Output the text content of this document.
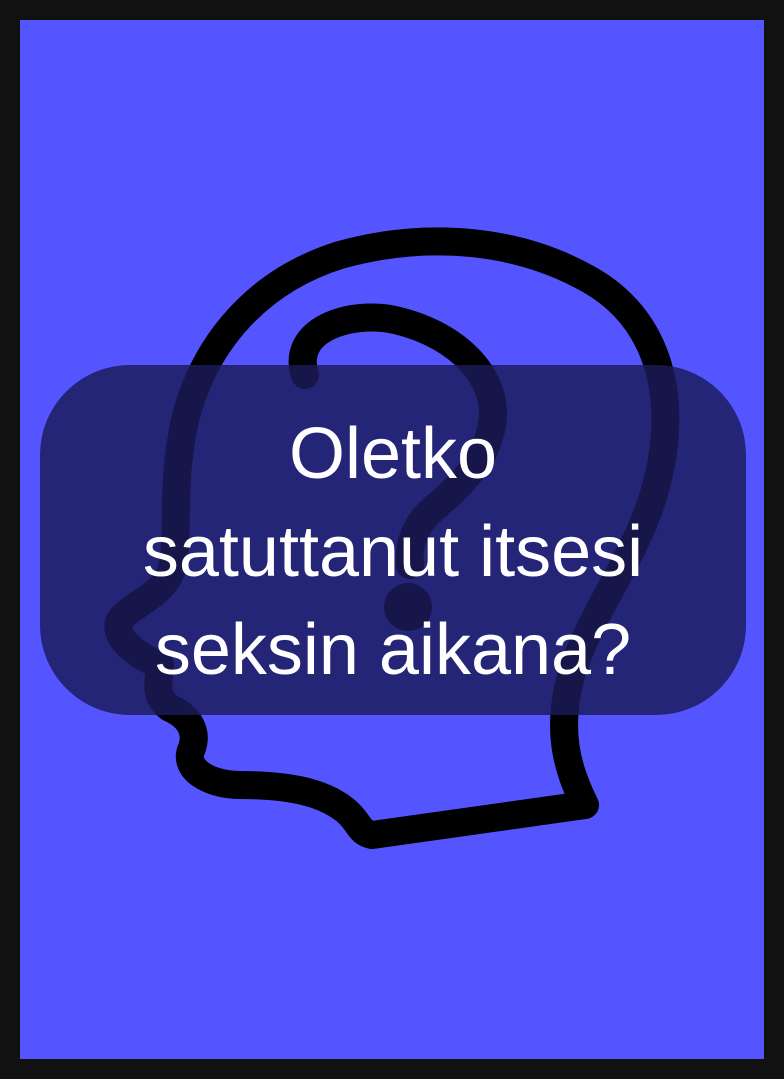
Oletko
satuttanut itsesi
seksin aikana?
